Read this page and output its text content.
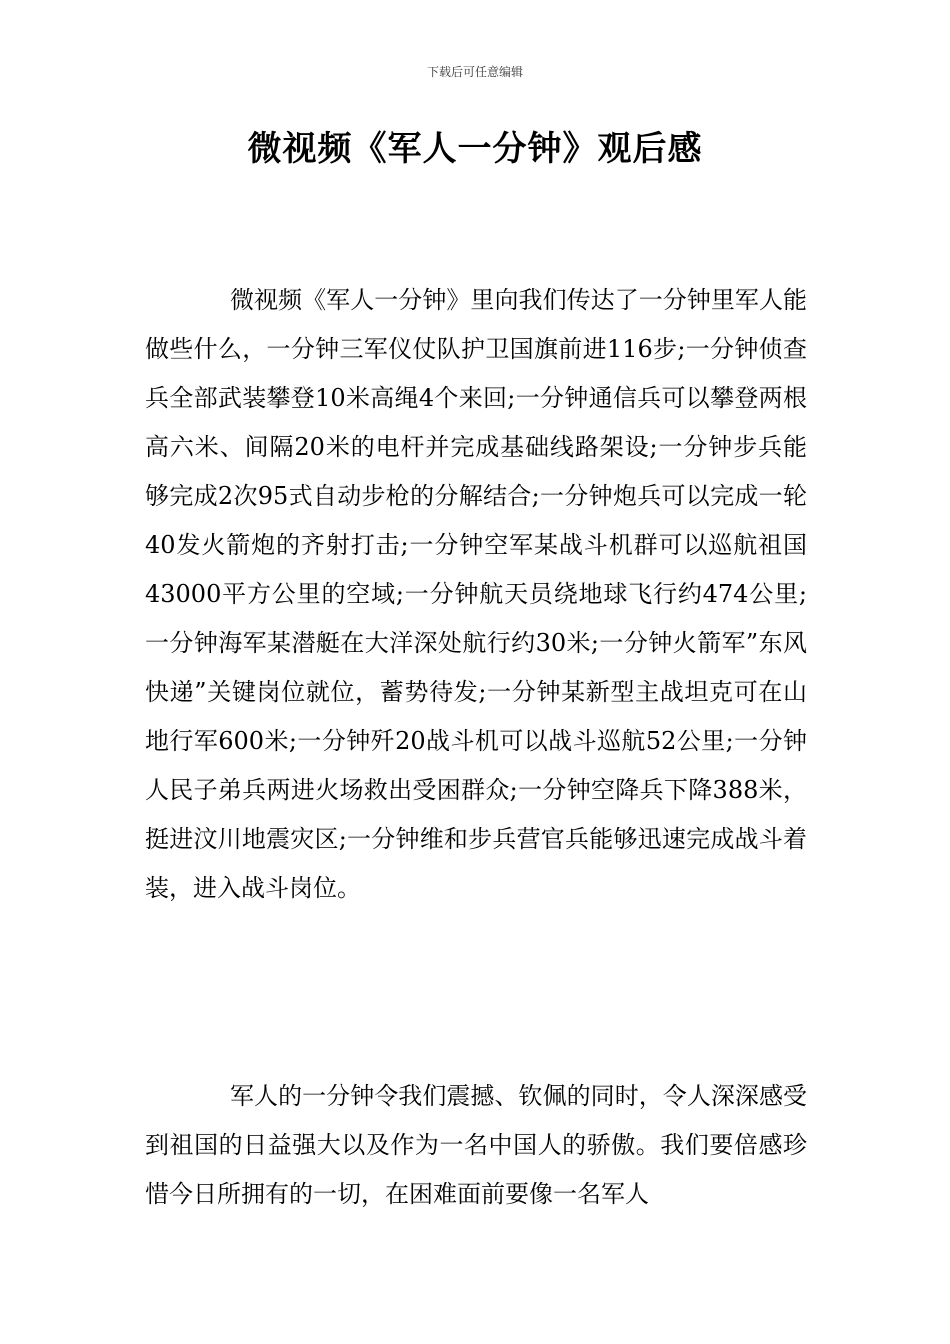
下载后可任意编辑
微视频《军人一分钟》观后感

微视频《军人一分钟》里向我们传达了一分钟里军人能做些什么，一分钟三军仪仗队护卫国旗前进116步;一分钟侦查兵全部武装攀登10米高绳4个来回;一分钟通信兵可以攀登两根高六米、间隔20米的电杆并完成基础线路架设;一分钟步兵能够完成2次95式自动步枪的分解结合;一分钟炮兵可以完成一轮40发火箭炮的齐射打击;一分钟空军某战斗机群可以巡航祖国43000平方公里的空域;一分钟航天员绕地球飞行约474公里;一分钟海军某潜艇在大洋深处航行约30米;一分钟火箭军”东风快递”关键岗位就位，蓄势待发;一分钟某新型主战坦克可在山地行军600米;一分钟歼20战斗机可以战斗巡航52公里;一分钟人民子弟兵两进火场救出受困群众;一分钟空降兵下降388米，挺进汶川地震灾区;一分钟维和步兵营官兵能够迅速完成战斗着装，进入战斗岗位。

军人的一分钟令我们震撼、钦佩的同时，令人深深感受到祖国的日益强大以及作为一名中国人的骄傲。我们要倍感珍惜今日所拥有的一切，在困难面前要像一名军人
